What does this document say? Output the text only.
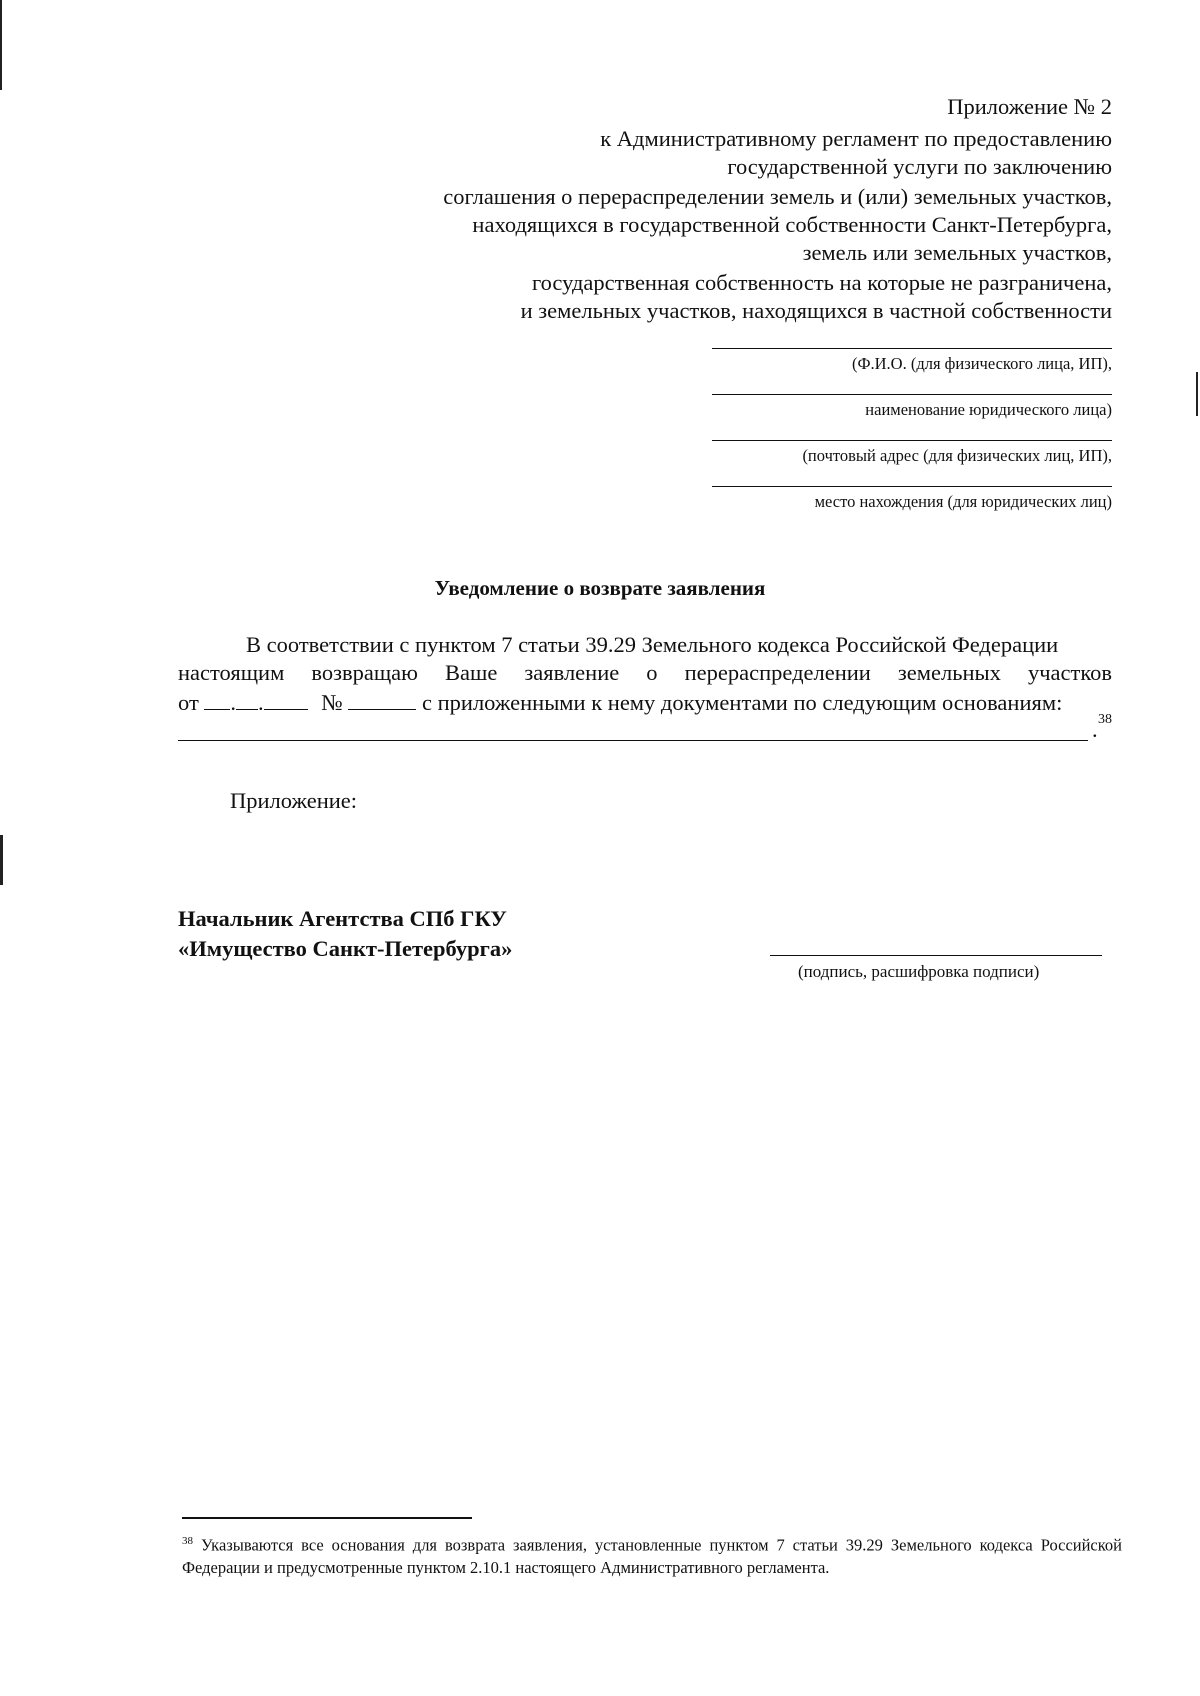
Приложение № 2
к Административному регламент по предоставлению
государственной услуги по заключению
соглашения о перераспределении земель и (или) земельных участков,
находящихся в государственной собственности Санкт-Петербурга,
земель или земельных участков,
государственная собственность на которые не разграничена,
и земельных участков, находящихся в частной собственности
(Ф.И.О. (для физического лица, ИП),
наименование юридического лица)
(почтовый адрес (для физических лиц, ИП),
место нахождения (для юридических лиц)
Уведомление о возврате заявления
В соответствии с пунктом 7 статьи 39.29 Земельного кодекса Российской Федерации
настоящим возвращаю Ваше заявление о перераспределении земельных участков
от . .	№	с приложенными к нему документами по следующим основаниям:
38
.
Приложение:
Начальник Агентства СПб ГКУ
«Имущество Санкт-Петербурга»
(подпись, расшифровка подписи)
$^{38}$ Указываются все основания для возврата заявления, установленные пунктом 7 статьи 39.29 Земельного кодекса Российской Федерации и предусмотренные пунктом 2.10.1 настоящего Административного регламента.
